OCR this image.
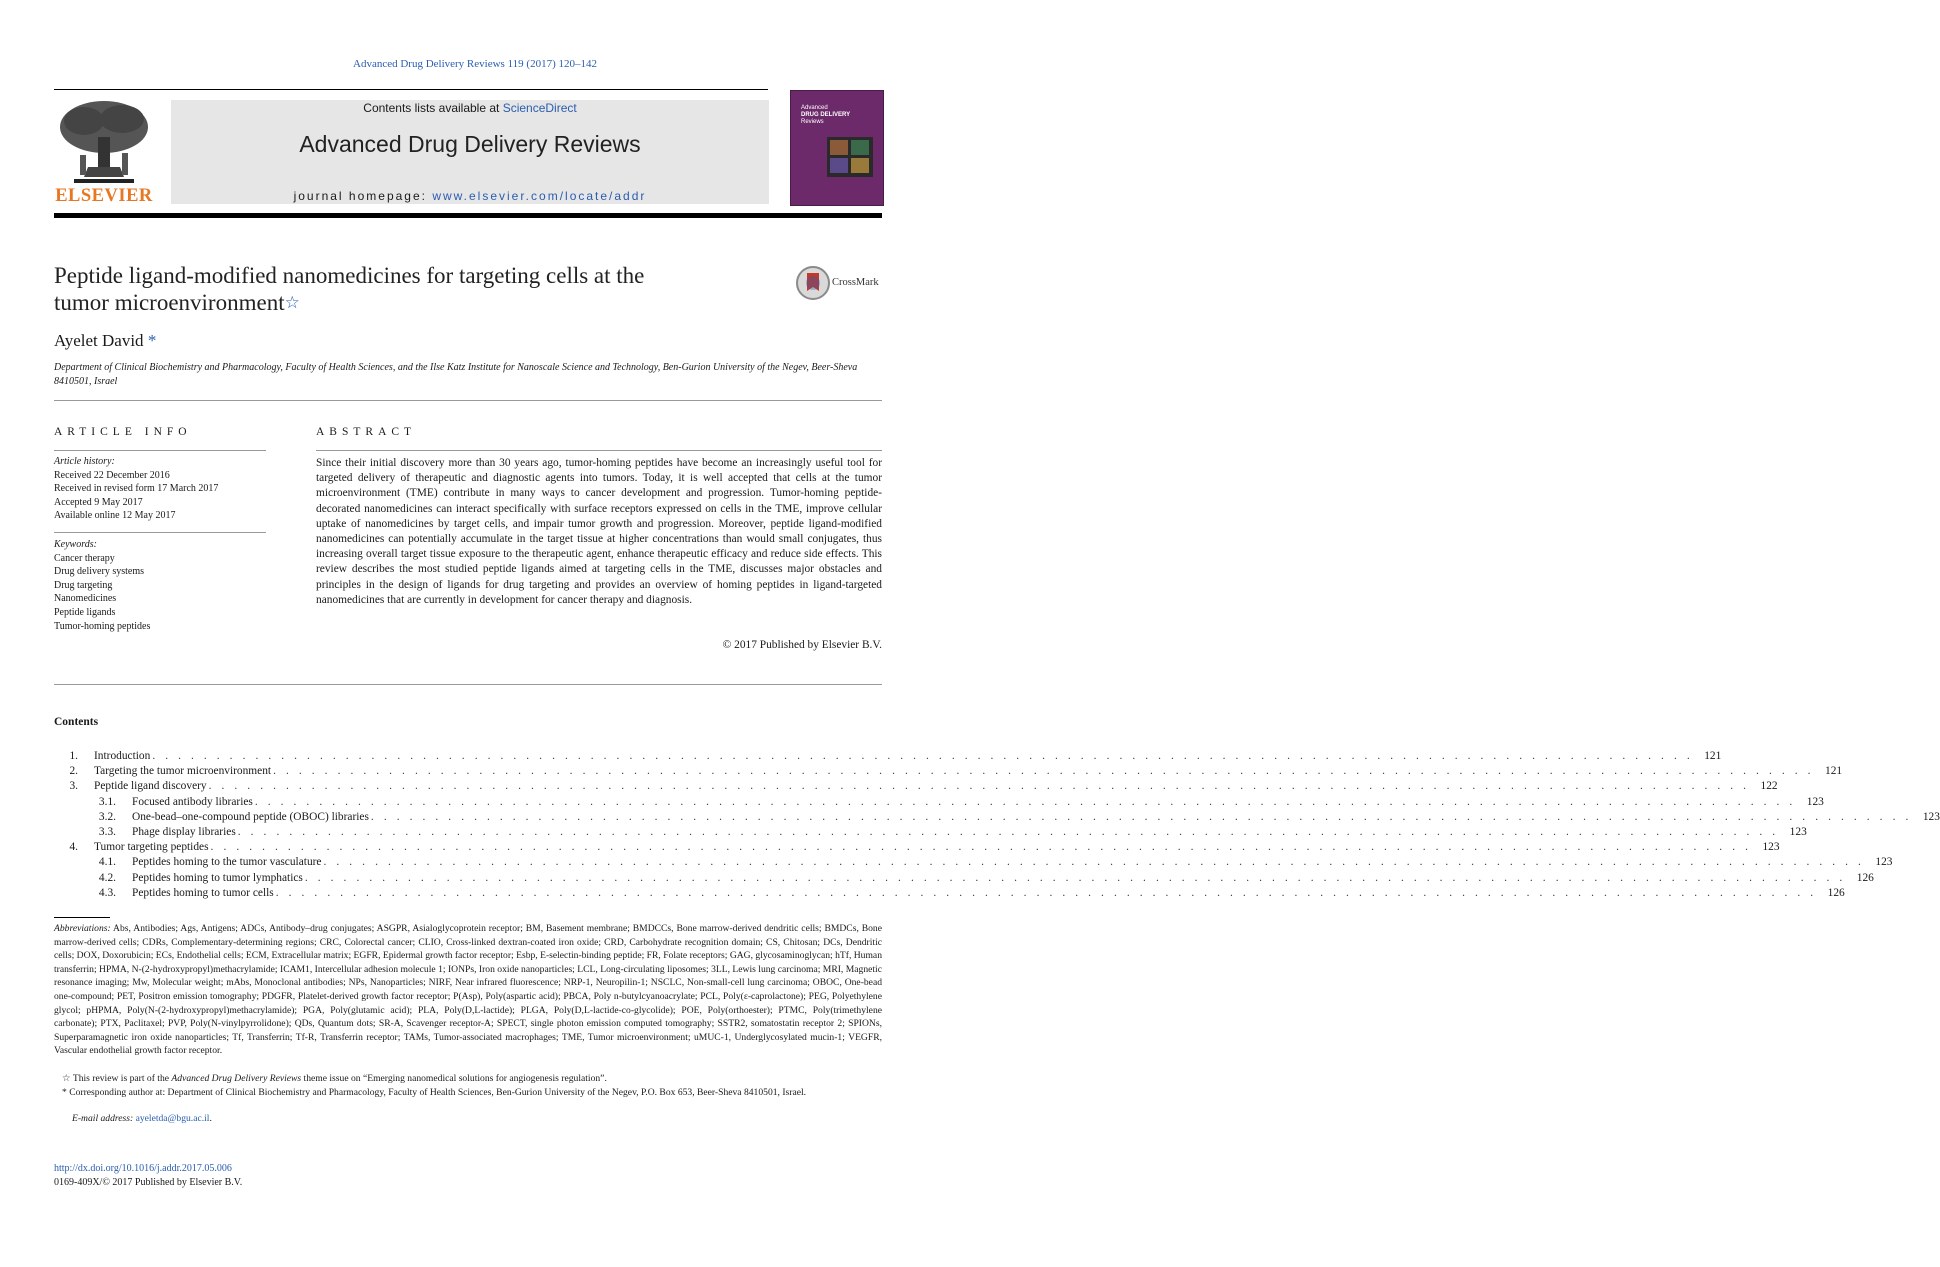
Advanced Drug Delivery Reviews 119 (2017) 120–142
ELSEVIER
Contents lists available at ScienceDirect
Advanced Drug Delivery Reviews
journal homepage: www.elsevier.com/locate/addr
Advanced
DRUG DELIVERY
Reviews
Peptide ligand-modified nanomedicines for targeting cells at the
tumor microenvironment☆
CrossMark
Ayelet David *
Department of Clinical Biochemistry and Pharmacology, Faculty of Health Sciences, and the Ilse Katz Institute for Nanoscale Science and Technology, Ben-Gurion University of the Negev, Beer-Sheva 8410501, Israel
ARTICLE INFO
Article history:
Received 22 December 2016
Received in revised form 17 March 2017
Accepted 9 May 2017
Available online 12 May 2017
Keywords:
Cancer therapy
Drug delivery systems
Drug targeting
Nanomedicines
Peptide ligands
Tumor-homing peptides
ABSTRACT
Since their initial discovery more than 30 years ago, tumor-homing peptides have become an increasingly useful tool for targeted delivery of therapeutic and diagnostic agents into tumors. Today, it is well accepted that cells at the tumor microenvironment (TME) contribute in many ways to cancer development and progression. Tumor-homing peptide-decorated nanomedicines can interact specifically with surface receptors expressed on cells in the TME, improve cellular uptake of nanomedicines by target cells, and impair tumor growth and progression. Moreover, peptide ligand-modified nanomedicines can potentially accumulate in the target tissue at higher concentrations than would small conjugates, thus increasing overall target tissue exposure to the therapeutic agent, enhance therapeutic efficacy and reduce side effects. This review describes the most studied peptide ligands aimed at targeting cells in the TME, discusses major obstacles and principles in the design of ligands for drug targeting and provides an overview of homing peptides in ligand-targeted nanomedicines that are currently in development for cancer therapy and diagnosis.
© 2017 Published by Elsevier B.V.
Contents
1. Introduction . . . . . . . . . . . . . . . . . . . . . . . . . . . . . . . . . . . . . . . . . . . . . . . . . . . . . . . . . . . . . . . . . . . . . . . . . . . . . . . . . . . . . . . . . . . . . . . . . . . . . . . . . . . . . . . . . . . . . . . . 121
2. Targeting the tumor microenvironment . . . . . . . . . . . . . . . . . . . . . . . . . . . . . . . . . . . . . . . . . . . . . . . . . . . . . . . . . . . . . . . . . . . . . . . . . . . . . . . . . . . . . . . . . . . . . . . . . . . . . . . . . . . . . . . . . . . . . . . . 121
3. Peptide ligand discovery . . . . . . . . . . . . . . . . . . . . . . . . . . . . . . . . . . . . . . . . . . . . . . . . . . . . . . . . . . . . . . . . . . . . . . . . . . . . . . . . . . . . . . . . . . . . . . . . . . . . . . . . . . . . . . . . . . . . . . . . 122
3.1. Focused antibody libraries . . . . . . . . . . . . . . . . . . . . . . . . . . . . . . . . . . . . . . . . . . . . . . . . . . . . . . . . . . . . . . . . . . . . . . . . . . . . . . . . . . . . . . . . . . . . . . . . . . . . . . . . . . . . . . . . . . . . . . . . 123
3.2. One-bead–one-compound peptide (OBOC) libraries . . . . . . . . . . . . . . . . . . . . . . . . . . . . . . . . . . . . . . . . . . . . . . . . . . . . . . . . . . . . . . . . . . . . . . . . . . . . . . . . . . . . . . . . . . . . . . . . . . . . . . . . . . . . . . . . . . . . . . . . 123
3.3. Phage display libraries . . . . . . . . . . . . . . . . . . . . . . . . . . . . . . . . . . . . . . . . . . . . . . . . . . . . . . . . . . . . . . . . . . . . . . . . . . . . . . . . . . . . . . . . . . . . . . . . . . . . . . . . . . . . . . . . . . . . . . . . 123
4. Tumor targeting peptides . . . . . . . . . . . . . . . . . . . . . . . . . . . . . . . . . . . . . . . . . . . . . . . . . . . . . . . . . . . . . . . . . . . . . . . . . . . . . . . . . . . . . . . . . . . . . . . . . . . . . . . . . . . . . . . . . . . . . . . . 123
4.1. Peptides homing to the tumor vasculature . . . . . . . . . . . . . . . . . . . . . . . . . . . . . . . . . . . . . . . . . . . . . . . . . . . . . . . . . . . . . . . . . . . . . . . . . . . . . . . . . . . . . . . . . . . . . . . . . . . . . . . . . . . . . . . . . . . . . . . . 123
4.2. Peptides homing to tumor lymphatics . . . . . . . . . . . . . . . . . . . . . . . . . . . . . . . . . . . . . . . . . . . . . . . . . . . . . . . . . . . . . . . . . . . . . . . . . . . . . . . . . . . . . . . . . . . . . . . . . . . . . . . . . . . . . . . . . . . . . . . . 126
4.3. Peptides homing to tumor cells . . . . . . . . . . . . . . . . . . . . . . . . . . . . . . . . . . . . . . . . . . . . . . . . . . . . . . . . . . . . . . . . . . . . . . . . . . . . . . . . . . . . . . . . . . . . . . . . . . . . . . . . . . . . . . . . . . . . . . . . 126
Abbreviations: Abs, Antibodies; Ags, Antigens; ADCs, Antibody–drug conjugates; ASGPR, Asialoglycoprotein receptor; BM, Basement membrane; BMDCCs, Bone marrow-derived dendritic cells; BMDCs, Bone marrow-derived cells; CDRs, Complementary-determining regions; CRC, Colorectal cancer; CLIO, Cross-linked dextran-coated iron oxide; CRD, Carbohydrate recognition domain; CS, Chitosan; DCs, Dendritic cells; DOX, Doxorubicin; ECs, Endothelial cells; ECM, Extracellular matrix; EGFR, Epidermal growth factor receptor; Esbp, E-selectin-binding peptide; FR, Folate receptors; GAG, glycosaminoglycan; hTf, Human transferrin; HPMA, N-(2-hydroxypropyl)methacrylamide; ICAM1, Intercellular adhesion molecule 1; IONPs, Iron oxide nanoparticles; LCL, Long-circulating liposomes; 3LL, Lewis lung carcinoma; MRI, Magnetic resonance imaging; Mw, Molecular weight; mAbs, Monoclonal antibodies; NPs, Nanoparticles; NIRF, Near infrared fluorescence; NRP-1, Neuropilin-1; NSCLC, Non-small-cell lung carcinoma; OBOC, One-bead one-compound; PET, Positron emission tomography; PDGFR, Platelet-derived growth factor receptor; P(Asp), Poly(aspartic acid); PBCA, Poly n-butylcyanoacrylate; PCL, Poly(ε-caprolactone); PEG, Polyethylene glycol; pHPMA, Poly(N-(2-hydroxypropyl)methacrylamide); PGA, Poly(glutamic acid); PLA, Poly(D,L-lactide); PLGA, Poly(D,L-lactide-co-glycolide); POE, Poly(orthoester); PTMC, Poly(trimethylene carbonate); PTX, Paclitaxel; PVP, Poly(N-vinylpyrrolidone); QDs, Quantum dots; SR-A, Scavenger receptor-A; SPECT, single photon emission computed tomography; SSTR2, somatostatin receptor 2; SPIONs, Superparamagnetic iron oxide nanoparticles; Tf, Transferrin; Tf-R, Transferrin receptor; TAMs, Tumor-associated macrophages; TME, Tumor microenvironment; uMUC-1, Underglycosylated mucin-1; VEGFR, Vascular endothelial growth factor receptor.
☆ This review is part of the Advanced Drug Delivery Reviews theme issue on “Emerging nanomedical solutions for angiogenesis regulation”.
* Corresponding author at: Department of Clinical Biochemistry and Pharmacology, Faculty of Health Sciences, Ben-Gurion University of the Negev, P.O. Box 653, Beer-Sheva 8410501, Israel.
E-mail address: ayeletda@bgu.ac.il.
http://dx.doi.org/10.1016/j.addr.2017.05.006
0169-409X/© 2017 Published by Elsevier B.V.
